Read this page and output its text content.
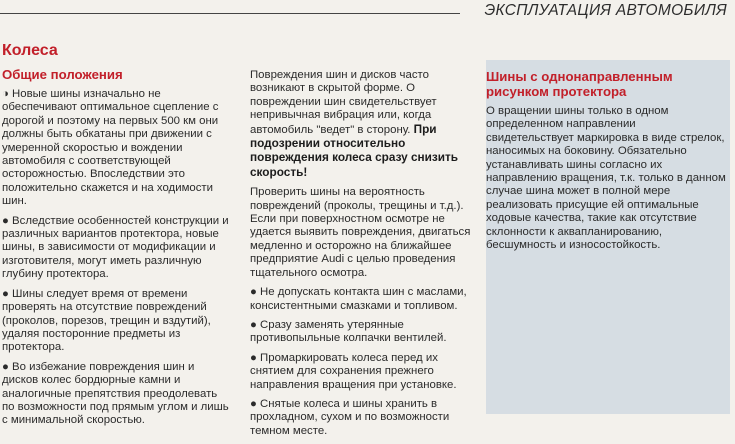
ЭКСПЛУАТАЦИЯ АВТОМОБИЛЯ
Колеса
Общие положения

◑ Новые шины изначально не обеспечивают оптимальное сцепление с дорогой и поэтому на первых 500 км они должны быть обкатаны при движении с умеренной скоростью и вождении автомобиля с соответствующей осторожностью. Впоследствии это положительно скажется и на ходимости шин.

● Вследствие особенностей конструкции и различных вариантов протектора, новые шины, в зависимости от модификации и изготовителя, могут иметь различную глубину протектора.

● Шины следует время от времени проверять на отсутствие повреждений (проколов, порезов, трещин и вздутий), удаляя посторонние предметы из протектора.

● Во избежание повреждения шин и дисков колес бордюрные камни и аналогичные препятствия преодолевать по возможности под прямым углом и лишь с минимальной скоростью.

Повреждения шин и дисков часто возникают в скрытой форме. О повреждении шин свидетельствует непривычная вибрация или, когда автомобиль "ведет" в сторону. При подозрении относительно повреждения колеса сразу снизить скорость!

Проверить шины на вероятность повреждений (проколы, трещины и т.д.). Если при поверхностном осмотре не удается выявить повреждения, двигаться медленно и осторожно на ближайшее предприятие Audi с целью проведения тщательного осмотра.

● Не допускать контакта шин с маслами, консистентными смазками и топливом.

● Сразу заменять утерянные противопыльные колпачки вентилей.

● Промаркировать колеса перед их снятием для сохранения прежнего направления вращения при установке.

● Снятые колеса и шины хранить в прохладном, сухом и по возможности темном месте.

Шины с однонаправленным рисунком протектора

О вращении шины только в одном определенном направлении свидетельствует маркировка в виде стрелок, наносимых на боковину. Обязательно устанавливать шины согласно их направлению вращения, т.к. только в данном случае шина может в полной мере реализовать присущие ей оптимальные ходовые качества, такие как отсутствие склонности к аквапланированию, бесшумность и износостойкость.
